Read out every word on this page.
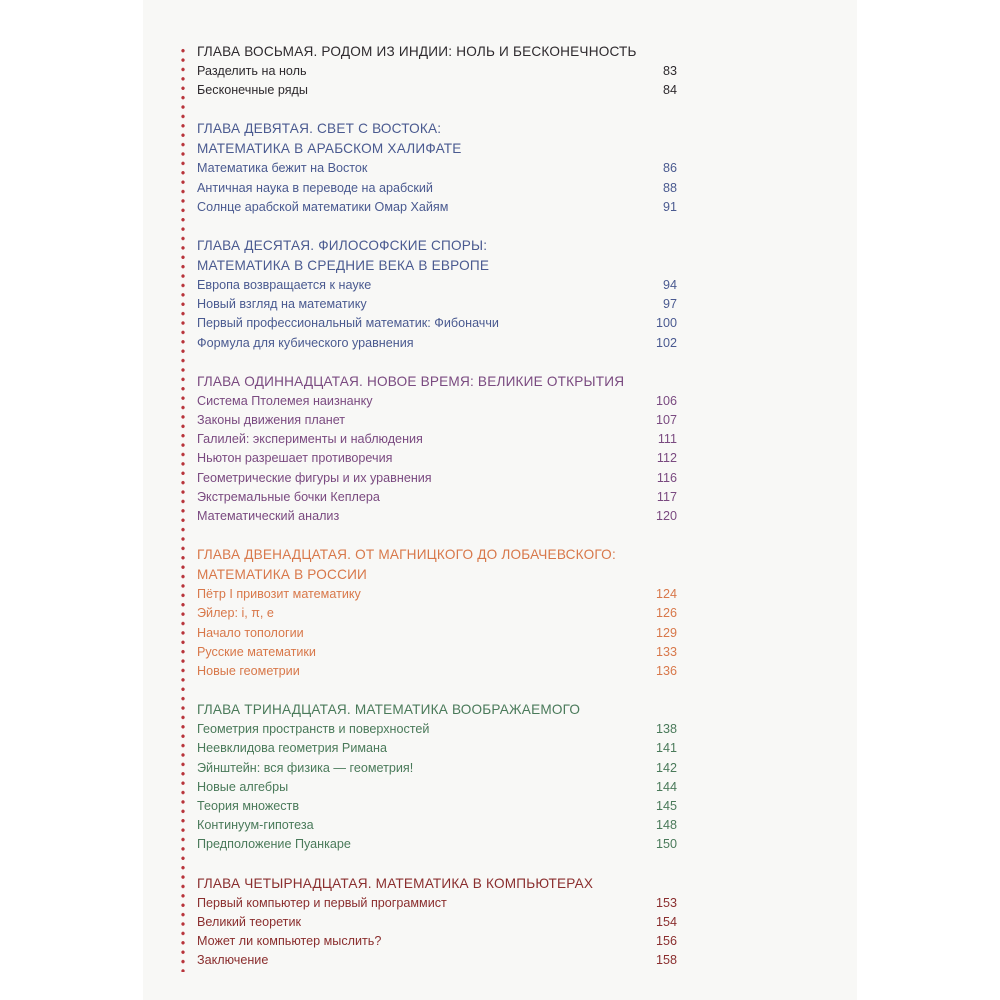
ГЛАВА ВОСЬМАЯ. РОДОМ ИЗ ИНДИИ: НОЛЬ И БЕСКОНЕЧНОСТЬ
Разделить на ноль	83
Бесконечные ряды	84
ГЛАВА ДЕВЯТАЯ. СВЕТ С ВОСТОКА:
МАТЕМАТИКА В АРАБСКОМ ХАЛИФАТЕ
Математика бежит на Восток	86
Античная наука в переводе на арабский	88
Солнце арабской математики Омар Хайям	91
ГЛАВА ДЕСЯТАЯ. ФИЛОСОФСКИЕ СПОРЫ:
МАТЕМАТИКА В СРЕДНИЕ ВЕКА В ЕВРОПЕ
Европа возвращается к науке	94
Новый взгляд на математику	97
Первый профессиональный математик: Фибоначчи	100
Формула для кубического уравнения	102
ГЛАВА ОДИННАДЦАТАЯ. НОВОЕ ВРЕМЯ: ВЕЛИКИЕ ОТКРЫТИЯ
Система Птолемея наизнанку	106
Законы движения планет	107
Галилей: эксперименты и наблюдения	111
Ньютон разрешает противоречия	112
Геометрические фигуры и их уравнения	116
Экстремальные бочки Кеплера	117
Математический анализ	120
ГЛАВА ДВЕНАДЦАТАЯ. ОТ МАГНИЦКОГО ДО ЛОБАЧЕВСКОГО:
МАТЕМАТИКА В РОССИИ
Пётр I привозит математику	124
Эйлер: i, π, e	126
Начало топологии	129
Русские математики	133
Новые геометрии	136
ГЛАВА ТРИНАДЦАТАЯ. МАТЕМАТИКА ВООБРАЖАЕМОГО
Геометрия пространств и поверхностей	138
Неевклидова геометрия Римана	141
Эйнштейн: вся физика — геометрия!	142
Новые алгебры	144
Теория множеств	145
Континуум-гипотеза	148
Предположение Пуанкаре	150
ГЛАВА ЧЕТЫРНАДЦАТАЯ. МАТЕМАТИКА В КОМПЬЮТЕРАХ
Первый компьютер и первый программист	153
Великий теоретик	154
Может ли компьютер мыслить?	156
Заключение	158
